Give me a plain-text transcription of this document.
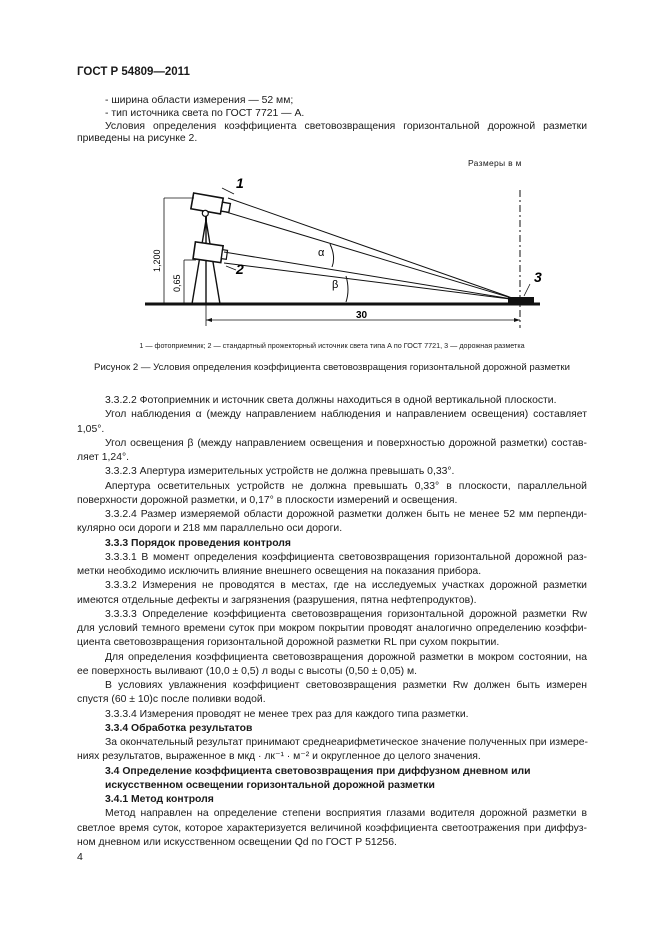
ГОСТ Р 54809—2011
- ширина области измерения — 52 мм;
- тип источника света по ГОСТ 7721 — А.
Условия определения коэффициента световозвращения горизонтальной дорожной разметки
приведены на рисунке 2.
Размеры в м
1
2	3
1,200
0,65
30
α
β
1 — фотоприемник; 2 — стандартный прожекторный источник света типа А по ГОСТ 7721, 3 — дорожная разметка
Рисунок 2 — Условия определения коэффициента световозвращения горизонтальной дорожной разметки
3.3.2.2 Фотоприемник и источник света должны находиться в одной вертикальной плоскости.
Угол наблюдения α (между направлением наблюдения и направлением освещения) составляет
1,05°.
Угол освещения β (между направлением освещения и поверхностью дорожной разметки) состав-
ляет 1,24°.
3.3.2.3 Апертура измерительных устройств не должна превышать 0,33°.
Апертура осветительных устройств не должна превышать 0,33° в плоскости, параллельной
поверхности дорожной разметки, и 0,17° в плоскости измерений и освещения.
3.3.2.4 Размер измеряемой области дорожной разметки должен быть не менее 52 мм перпенди-
кулярно оси дороги и 218 мм параллельно оси дороги.
3.3.3 Порядок проведения контроля
3.3.3.1 В момент определения коэффициента световозвращения горизонтальной дорожной раз-
метки необходимо исключить влияние внешнего освещения на показания прибора.
3.3.3.2 Измерения не проводятся в местах, где на исследуемых участках дорожной разметки
имеются отдельные дефекты и загрязнения (разрушения, пятна нефтепродуктов).
3.3.3.3 Определение коэффициента световозвращения горизонтальной дорожной разметки Rw
для условий темного времени суток при мокром покрытии проводят аналогично определению коэффи-
циента световозвращения горизонтальной дорожной разметки RL при сухом покрытии.
Для определения коэффициента световозвращения дорожной разметки в мокром состоянии, на
ее поверхность выливают (10,0 ± 0,5) л воды с высоты (0,50 ± 0,05) м.
В условиях увлажнения коэффициент световозвращения разметки Rw должен быть измерен
спустя (60 ± 10)с после поливки водой.
3.3.3.4 Измерения проводят не менее трех раз для каждого типа разметки.
3.3.4 Обработка результатов
За окончательный результат принимают среднеарифметическое значение полученных при измере-
ниях результатов, выраженное в мкд · лк⁻¹ · м⁻² и округленное до целого значения.
3.4 Определение коэффициента световозвращения при диффузном дневном или
искусственном освещении горизонтальной дорожной разметки
3.4.1 Метод контроля
Метод направлен на определение степени восприятия глазами водителя дорожной разметки в
светлое время суток, которое характеризуется величиной коэффициента светоотражения при диффуз-
ном дневном или искусственном освещении Qd по ГОСТ Р 51256.
4
